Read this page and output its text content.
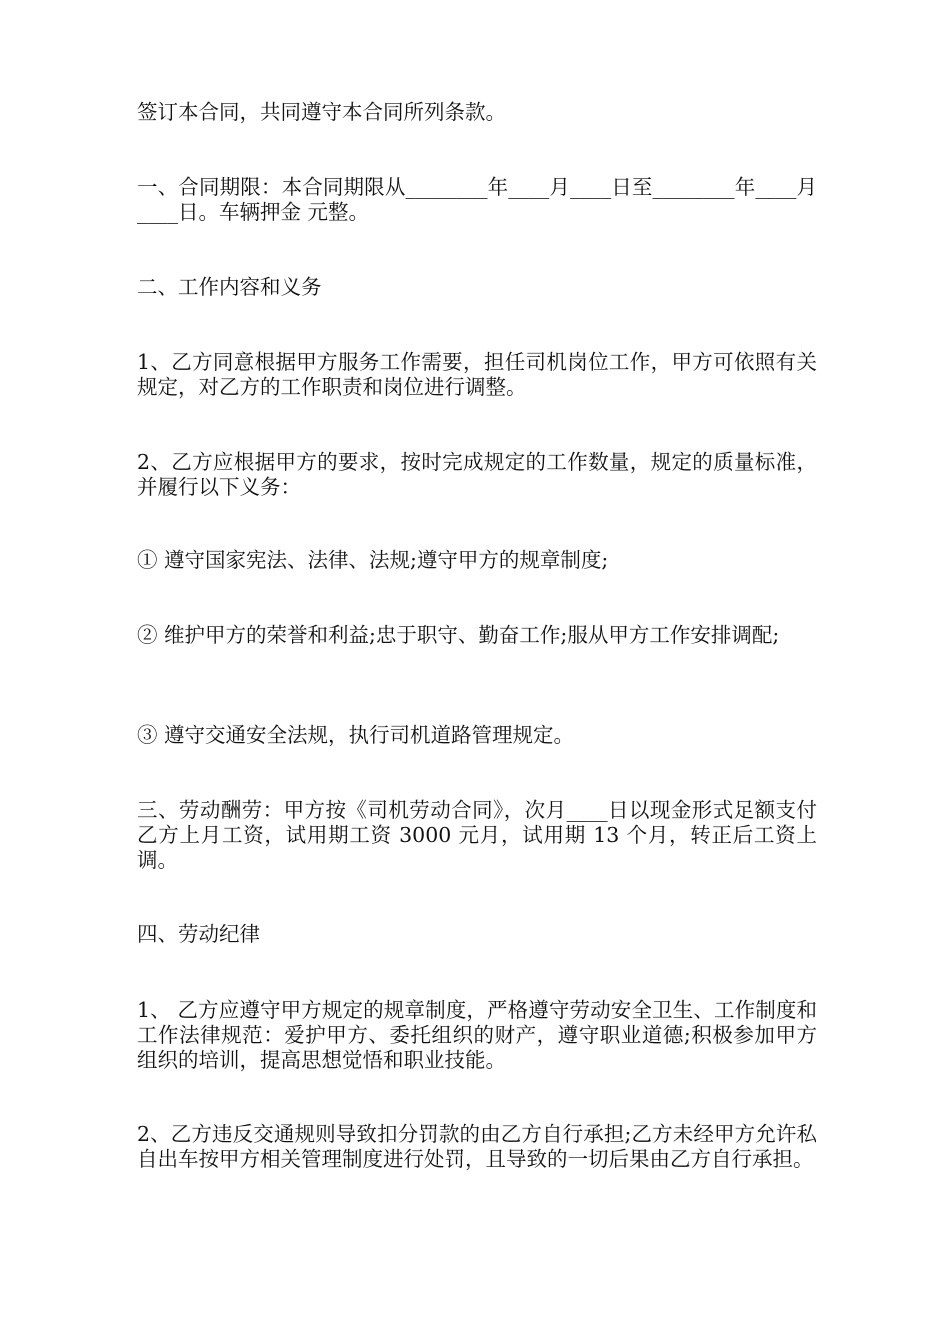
签订本合同，共同遵守本合同所列条款。

一、合同期限：本合同期限从________年____月____日至________年____月____日。车辆押金 元整。

二、工作内容和义务

1、乙方同意根据甲方服务工作需要，担任司机岗位工作，甲方可依照有关规定，对乙方的工作职责和岗位进行调整。

2、乙方应根据甲方的要求，按时完成规定的工作数量，规定的质量标准，并履行以下义务：

① 遵守国家宪法、法律、法规;遵守甲方的规章制度;

② 维护甲方的荣誉和利益;忠于职守、勤奋工作;服从甲方工作安排调配;

③ 遵守交通安全法规，执行司机道路管理规定。

三、劳动酬劳：甲方按《司机劳动合同》，次月____日以现金形式足额支付乙方上月工资，试用期工资 3000 元月，试用期 13 个月，转正后工资上调。

四、劳动纪律

1、 乙方应遵守甲方规定的规章制度，严格遵守劳动安全卫生、工作制度和工作法律规范：爱护甲方、委托组织的财产，遵守职业道德;积极参加甲方组织的培训，提高思想觉悟和职业技能。

2、乙方违反交通规则导致扣分罚款的由乙方自行承担;乙方未经甲方允许私自出车按甲方相关管理制度进行处罚，且导致的一切后果由乙方自行承担。
